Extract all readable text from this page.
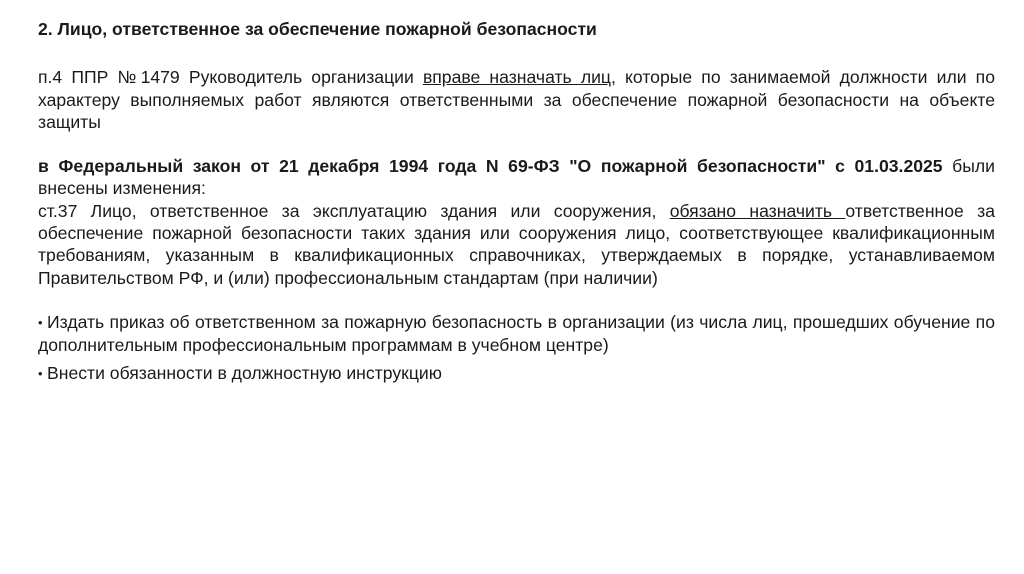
2. Лицо, ответственное за обеспечение пожарной безопасности

п.4 ППР №1479 Руководитель организации вправе назначать лиц, которые по занимаемой должности или по характеру выполняемых работ являются ответственными за обеспечение пожарной безопасности на объекте защиты

в Федеральный закон от 21 декабря 1994 года N 69-ФЗ "О пожарной безопасности" с 01.03.2025 были внесены изменения:

ст.37 Лицо, ответственное за эксплуатацию здания или сооружения, обязано назначить ответственное за обеспечение пожарной безопасности таких здания или сооружения лицо, соответствующее квалификационным требованиям, указанным в квалификационных справочниках, утверждаемых в порядке, устанавливаемом Правительством РФ, и (или) профессиональным стандартам (при наличии)

• Издать приказ об ответственном за пожарную безопасность в организации (из числа лиц, прошедших обучение по дополнительным профессиональным программам в учебном центре)

• Внести обязанности в должностную инструкцию
